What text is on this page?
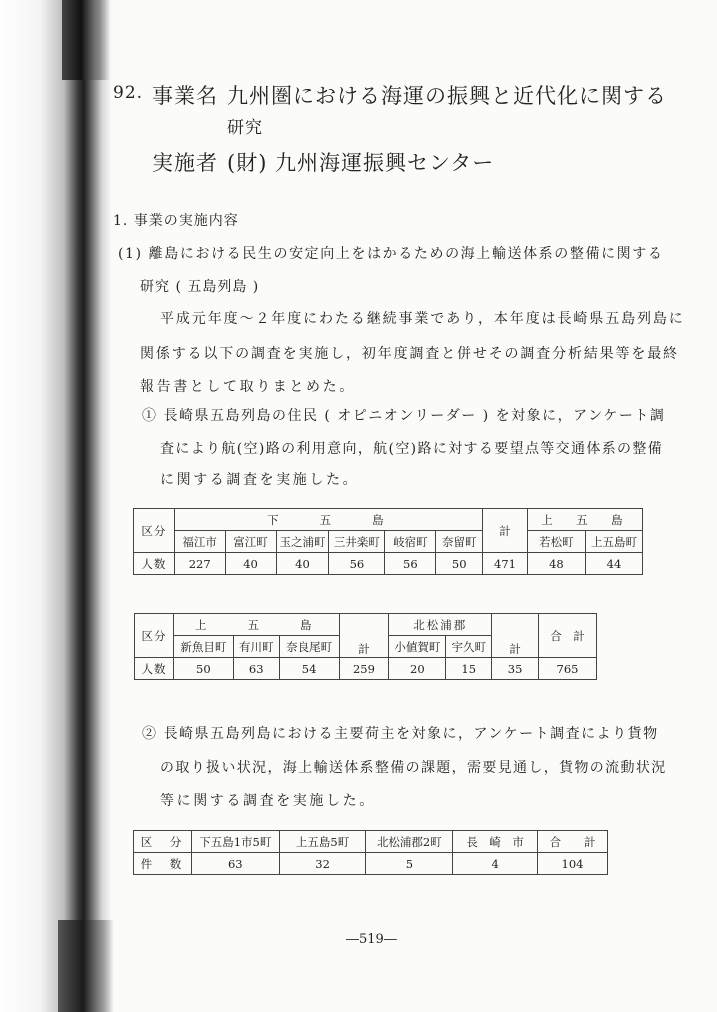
92. 事業名 九州圏における海運の振興と近代化に関する
研究
実施者 (財) 九州海運振興センター
1. 事業の実施内容
(1) 離島における民生の安定向上をはかるための海上輸送体系の整備に関する
研究 ( 五島列島 )
平成元年度～２年度にわたる継続事業であり，本年度は長崎県五島列島に
関係する以下の調査を実施し，初年度調査と併せその調査分析結果等を最終
報告書として取りまとめた。
① 長崎県五島列島の住民 ( オピニオンリーダー ) を対象に，アンケート調
査により航(空)路の利用意向，航(空)路に対する要望点等交通体系の整備
に関する調査を実施した。
区分	下　　五　　島						計	上　五　島	
	福江市	富江町	玉之浦町	三井楽町	岐宿町	奈留町		若松町	上五島町
人数	227	40	40	56	56	50	471	48	44
区分	上　　五　　島			計	北松浦郡		計	合　計
	新魚目町	有川町	奈良尾町		小値賀町	宇久町		
人数	50	63	54	259	20	15	35	765
② 長崎県五島列島における主要荷主を対象に，アンケート調査により貨物
の取り扱い状況，海上輸送体系整備の課題，需要見通し，貨物の流動状況
等に関する調査を実施した。
区　分	下五島1市5町	上五島5町	北松浦郡2町	長　崎　市	合　　計
件　数	63	32	5	4	104
―519―
